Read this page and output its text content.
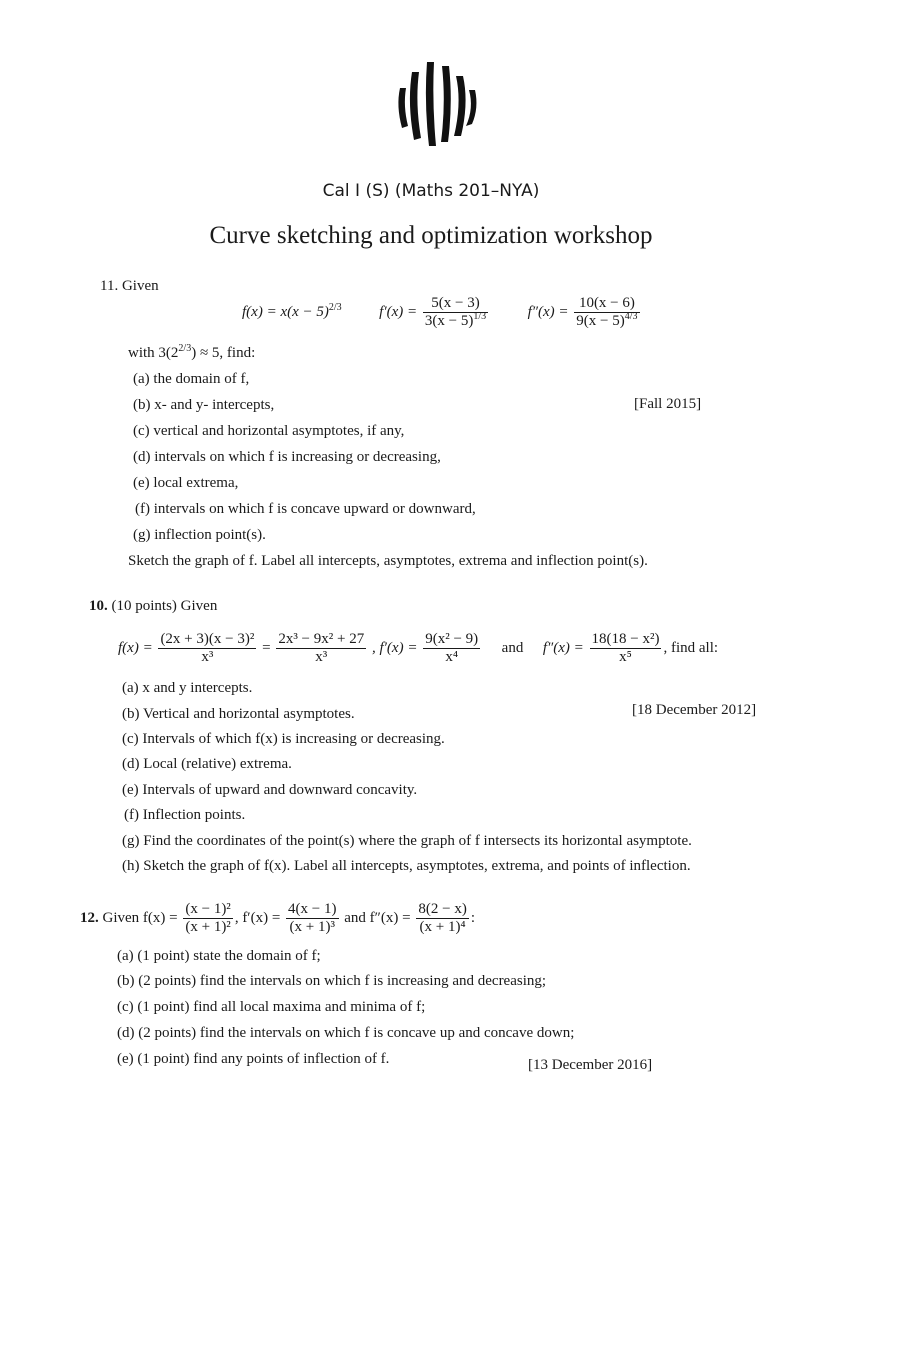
Cal I (S) (Maths 201–NYA)
Curve sketching and optimization workshop
11. Given
$f(x) = x(x - 5)^{2/3}$	$f'(x) = \frac{5(x - 3)}{3(x - 5)^{1/3}}$	$f''(x) = \frac{10(x - 6)}{9(x - 5)^{4/3}}$
with $3(2^{2/3}) \approx 5$, find:
(a) the domain of f,
(b) x- and y- intercepts,
(c) vertical and horizontal asymptotes, if any,
(d) intervals on which f is increasing or decreasing,
(e) local extrema,
(f) intervals on which f is concave upward or downward,
(g) inflection point(s).
[Fall 2015]
Sketch the graph of f. Label all intercepts, asymptotes, extrema and inflection point(s).
10. (10 points) Given
$f(x) = \frac{\text{(2x + 3)(x − 3)²}}{\text{x³}} = \frac{\text{2x³ − 9x² + 27}}{\text{x³}}$ , $f'(x) = \frac{\text{9(x² − 9)}}{\text{x⁴}}$ and $f''(x) = \frac{\text{18(18 − x²)}}{\text{x⁵}}$ , find all:
(a) x and y intercepts.
(b) Vertical and horizontal asymptotes.
(c) Intervals of which f(x) is increasing or decreasing.
(d) Local (relative) extrema.
(e) Intervals of upward and downward concavity.
(f) Inflection points.
(g) Find the coordinates of the point(s) where the graph of f intersects its horizontal asymptote.
(h) Sketch the graph of f(x). Label all intercepts, asymptotes, extrema, and points of inflection.
[18 December 2012]
12. Given $f(x) = \frac{\text{(x − 1)²}}{\text{(x + 1)²}}$ , $f'(x) = \frac{4(x - 1)}{\text{(x + 1)³}}$ and $f''(x) = \frac{8(2 - x)}{\text{(x + 1)⁴}}$ :
(a) (1 point) state the domain of f;
(b) (2 points) find the intervals on which f is increasing and decreasing;
(c) (1 point) find all local maxima and minima of f;
(d) (2 points) find the intervals on which f is concave up and concave down;
(e) (1 point) find any points of inflection of f.	[13 December 2016]
